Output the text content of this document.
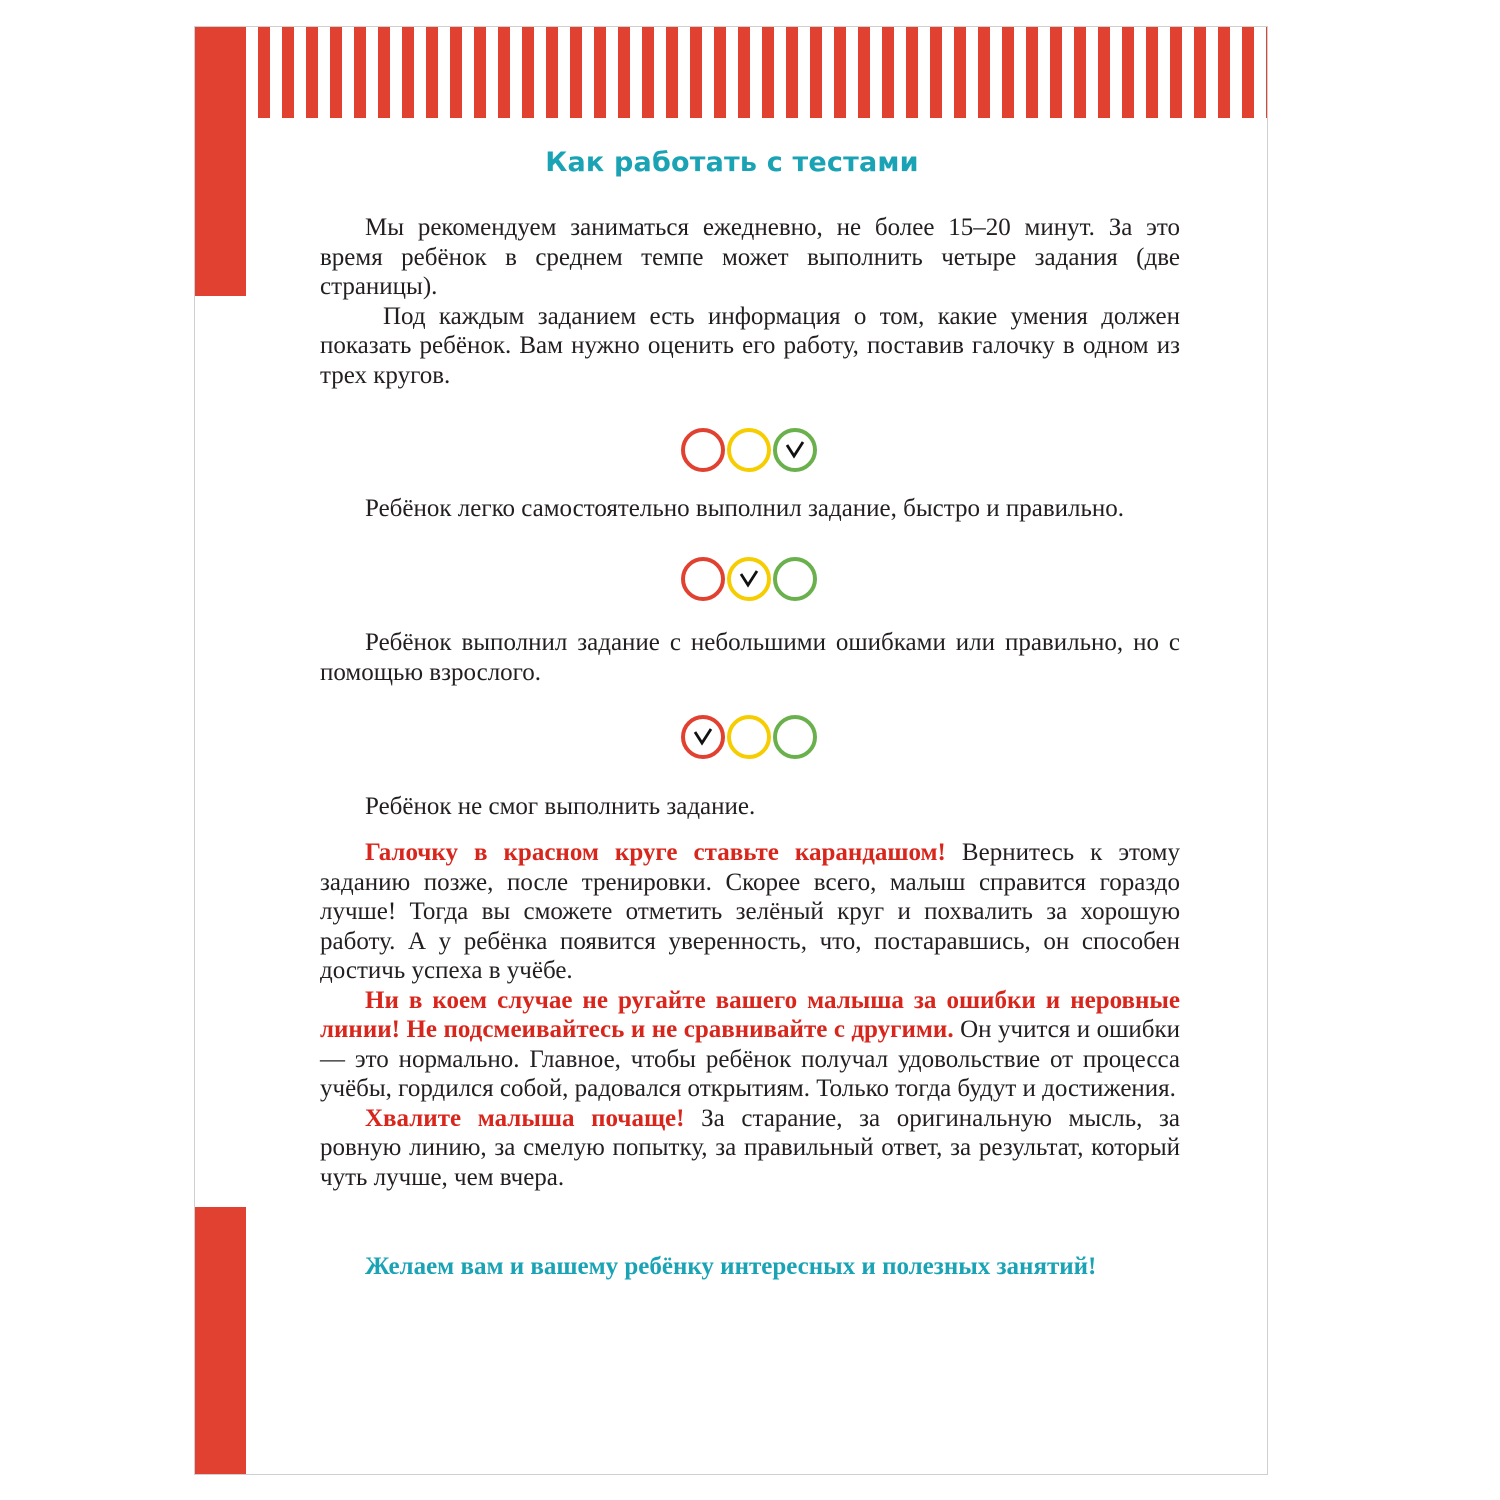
Как работать с тестами

Мы рекомендуем заниматься ежедневно, не более 15–20 минут. За это время ребёнок в среднем темпе может выполнить четыре задания (две страницы).

Под каждым заданием есть информация о том, какие умения должен показать ребёнок. Вам нужно оценить его работу, поставив галочку в одном из трех кругов.

Ребёнок легко самостоятельно выполнил задание, быстро и правильно.

Ребёнок выполнил задание с небольшими ошибками или правильно, но с помощью взрослого.

Ребёнок не смог выполнить задание.

Галочку в красном круге ставьте карандашом! Вернитесь к этому заданию позже, после тренировки. Скорее всего, малыш справится гораздо лучше! Тогда вы сможете отметить зелёный круг и похвалить за хорошую работу. А у ребёнка появится уверенность, что, постаравшись, он способен достичь успеха в учёбе.

Ни в коем случае не ругайте вашего малыша за ошибки и неровные линии! Не подсмеивайтесь и не сравнивайте с другими. Он учится и ошибки — это нормально. Главное, чтобы ребёнок получал удовольствие от процесса учёбы, гордился собой, радовался открытиям. Только тогда будут и достижения.

Хвалите малыша почаще! За старание, за оригинальную мысль, за ровную линию, за смелую попытку, за правильный ответ, за результат, который чуть лучше, чем вчера.

Желаем вам и вашему ребёнку интересных и полезных занятий!
